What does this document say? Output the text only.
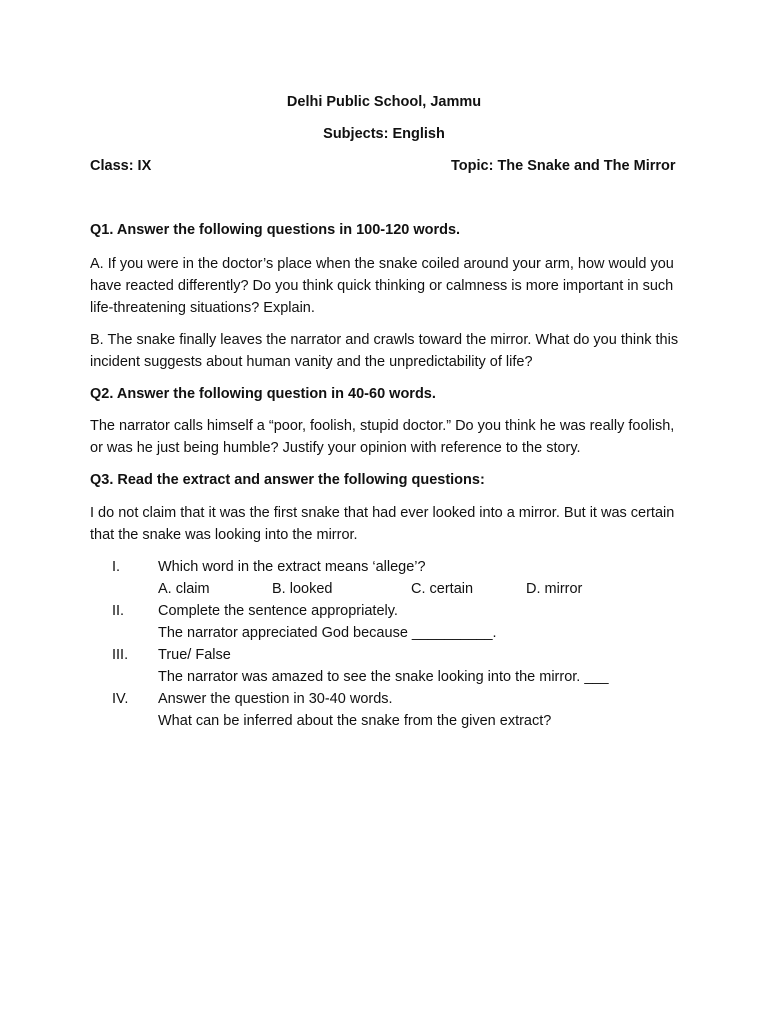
Delhi Public School, Jammu
Subjects: English
Class: IX	Topic: The Snake and The Mirror
Q1. Answer the following questions in 100-120 words.
A. If you were in the doctor’s place when the snake coiled around your arm, how would you have reacted differently? Do you think quick thinking or calmness is more important in such life-threatening situations? Explain.
B. The snake finally leaves the narrator and crawls toward the mirror. What do you think this incident suggests about human vanity and the unpredictability of life?
Q2. Answer the following question in 40-60 words.
The narrator calls himself a “poor, foolish, stupid doctor.” Do you think he was really foolish, or was he just being humble? Justify your opinion with reference to the story.
Q3. Read the extract and answer the following questions:
I do not claim that it was the first snake that had ever looked into a mirror. But it was certain that the snake was looking into the mirror.
I.	Which word in the extract means ‘allege’?
A. claim	B. looked	C. certain	D. mirror
II. Complete the sentence appropriately.
The narrator appreciated God because __________.
III. True/ False
The narrator was amazed to see the snake looking into the mirror. ___
IV. Answer the question in 30-40 words.
What can be inferred about the snake from the given extract?
